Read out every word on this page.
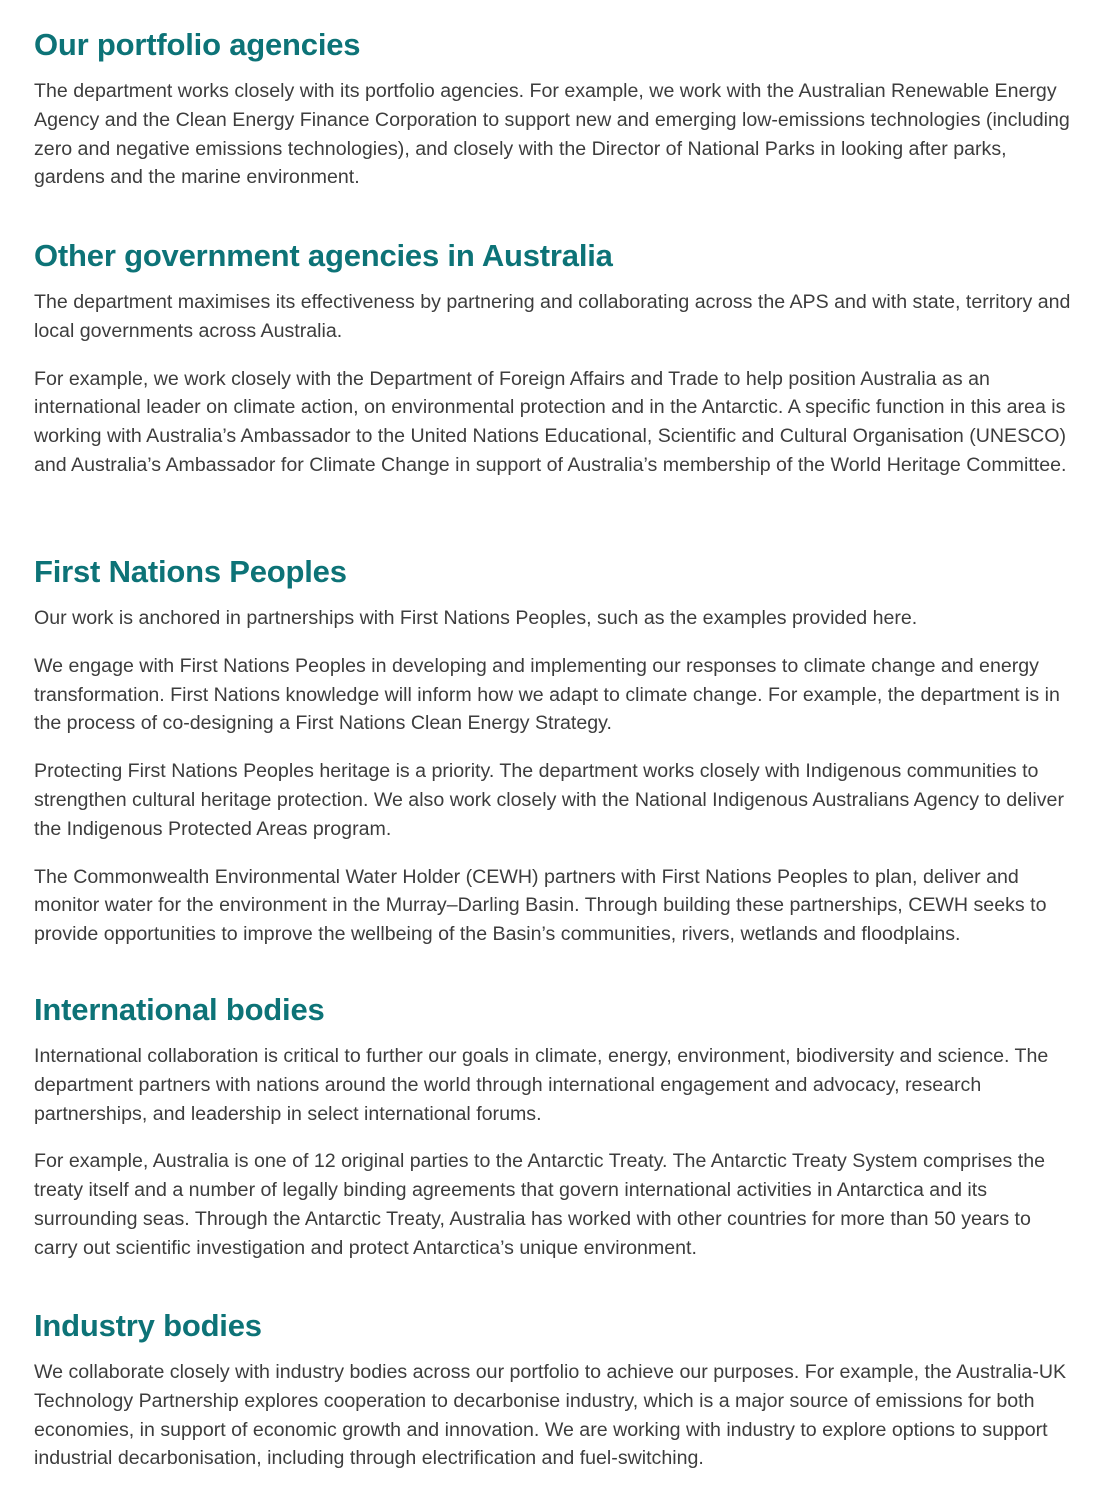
Our portfolio agencies

The department works closely with its portfolio agencies. For example, we work with the Australian Renewable Energy Agency and the Clean Energy Finance Corporation to support new and emerging low-emissions technologies (including zero and negative emissions technologies), and closely with the Director of National Parks in looking after parks, gardens and the marine environment.

Other government agencies in Australia

The department maximises its effectiveness by partnering and collaborating across the APS and with state, territory and local governments across Australia.

For example, we work closely with the Department of Foreign Affairs and Trade to help position Australia as an international leader on climate action, on environmental protection and in the Antarctic. A specific function in this area is working with Australia’s Ambassador to the United Nations Educational, Scientific and Cultural Organisation (UNESCO) and Australia’s Ambassador for Climate Change in support of Australia’s membership of the World Heritage Committee.

First Nations Peoples

Our work is anchored in partnerships with First Nations Peoples, such as the examples provided here.

We engage with First Nations Peoples in developing and implementing our responses to climate change and energy transformation. First Nations knowledge will inform how we adapt to climate change. For example, the department is in the process of co-designing a First Nations Clean Energy Strategy.

Protecting First Nations Peoples heritage is a priority. The department works closely with Indigenous communities to strengthen cultural heritage protection. We also work closely with the National Indigenous Australians Agency to deliver the Indigenous Protected Areas program.

The Commonwealth Environmental Water Holder (CEWH) partners with First Nations Peoples to plan, deliver and monitor water for the environment in the Murray–Darling Basin. Through building these partnerships, CEWH seeks to provide opportunities to improve the wellbeing of the Basin’s communities, rivers, wetlands and floodplains.

International bodies

International collaboration is critical to further our goals in climate, energy, environment, biodiversity and science. The department partners with nations around the world through international engagement and advocacy, research partnerships, and leadership in select international forums.

For example, Australia is one of 12 original parties to the Antarctic Treaty. The Antarctic Treaty System comprises the treaty itself and a number of legally binding agreements that govern international activities in Antarctica and its surrounding seas. Through the Antarctic Treaty, Australia has worked with other countries for more than 50 years to carry out scientific investigation and protect Antarctica’s unique environment.

Industry bodies

We collaborate closely with industry bodies across our portfolio to achieve our purposes. For example, the Australia-UK Technology Partnership explores cooperation to decarbonise industry, which is a major source of emissions for both economies, in support of economic growth and innovation. We are working with industry to explore options to support industrial decarbonisation, including through electrification and fuel-switching.
